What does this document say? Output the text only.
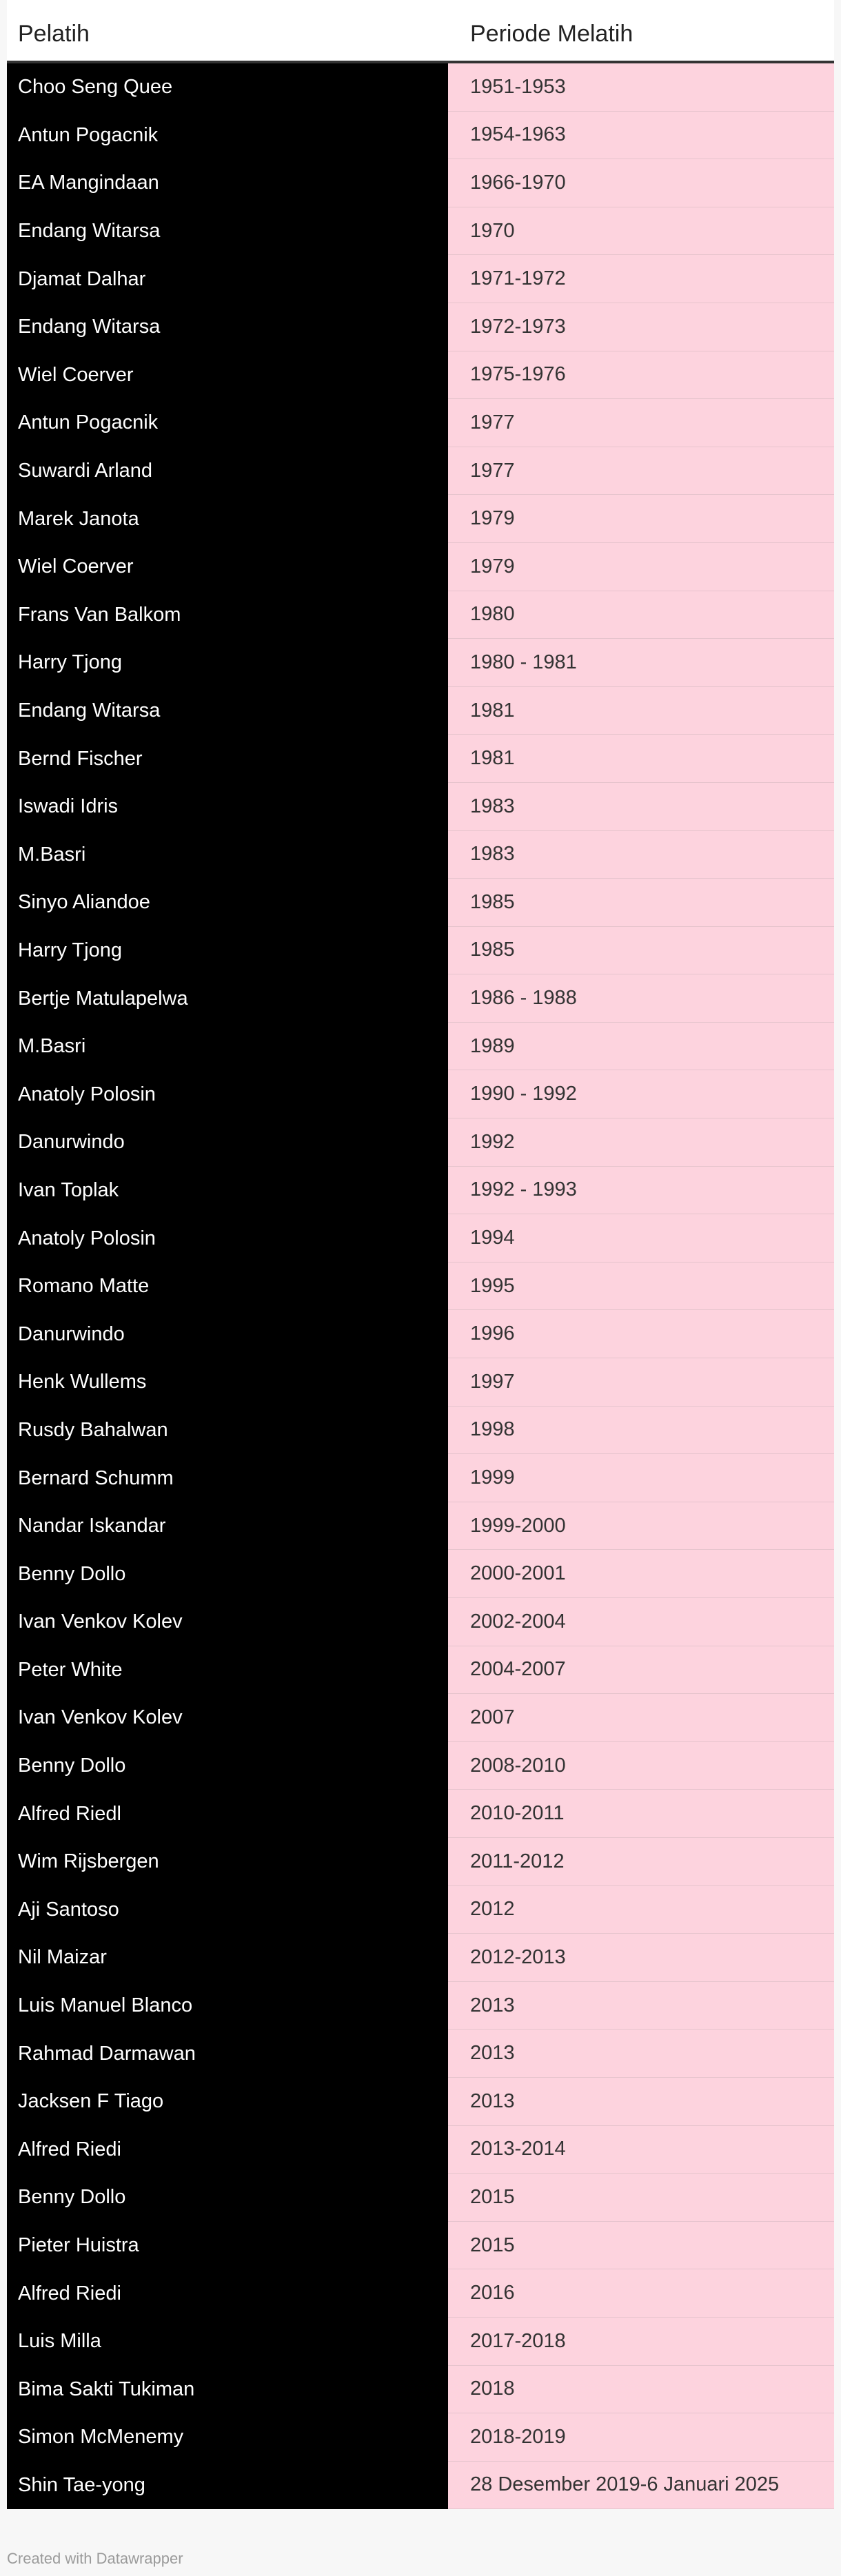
Pelatih	Periode Melatih
Choo Seng Quee	1951-1953
Antun Pogacnik	1954-1963
EA Mangindaan	1966-1970
Endang Witarsa	1970
Djamat Dalhar	1971-1972
Endang Witarsa	1972-1973
Wiel Coerver	1975-1976
Antun Pogacnik	1977
Suwardi Arland	1977
Marek Janota	1979
Wiel Coerver	1979
Frans Van Balkom	1980
Harry Tjong	1980 - 1981
Endang Witarsa	1981
Bernd Fischer	1981
Iswadi Idris	1983
M.Basri	1983
Sinyo Aliandoe	1985
Harry Tjong	1985
Bertje Matulapelwa	1986 - 1988
M.Basri	1989
Anatoly Polosin	1990 - 1992
Danurwindo	1992
Ivan Toplak	1992 - 1993
Anatoly Polosin	1994
Romano Matte	1995
Danurwindo	1996
Henk Wullems	1997
Rusdy Bahalwan	1998
Bernard Schumm	1999
Nandar Iskandar	1999-2000
Benny Dollo	2000-2001
Ivan Venkov Kolev	2002-2004
Peter White	2004-2007
Ivan Venkov Kolev	2007
Benny Dollo	2008-2010
Alfred Riedl	2010-2011
Wim Rijsbergen	2011-2012
Aji Santoso	2012
Nil Maizar	2012-2013
Luis Manuel Blanco	2013
Rahmad Darmawan	2013
Jacksen F Tiago	2013
Alfred Riedi	2013-2014
Benny Dollo	2015
Pieter Huistra	2015
Alfred Riedi	2016
Luis Milla	2017-2018
Bima Sakti Tukiman	2018
Simon McMenemy	2018-2019
Shin Tae-yong	28 Desember 2019-6 Januari 2025
Created with Datawrapper
